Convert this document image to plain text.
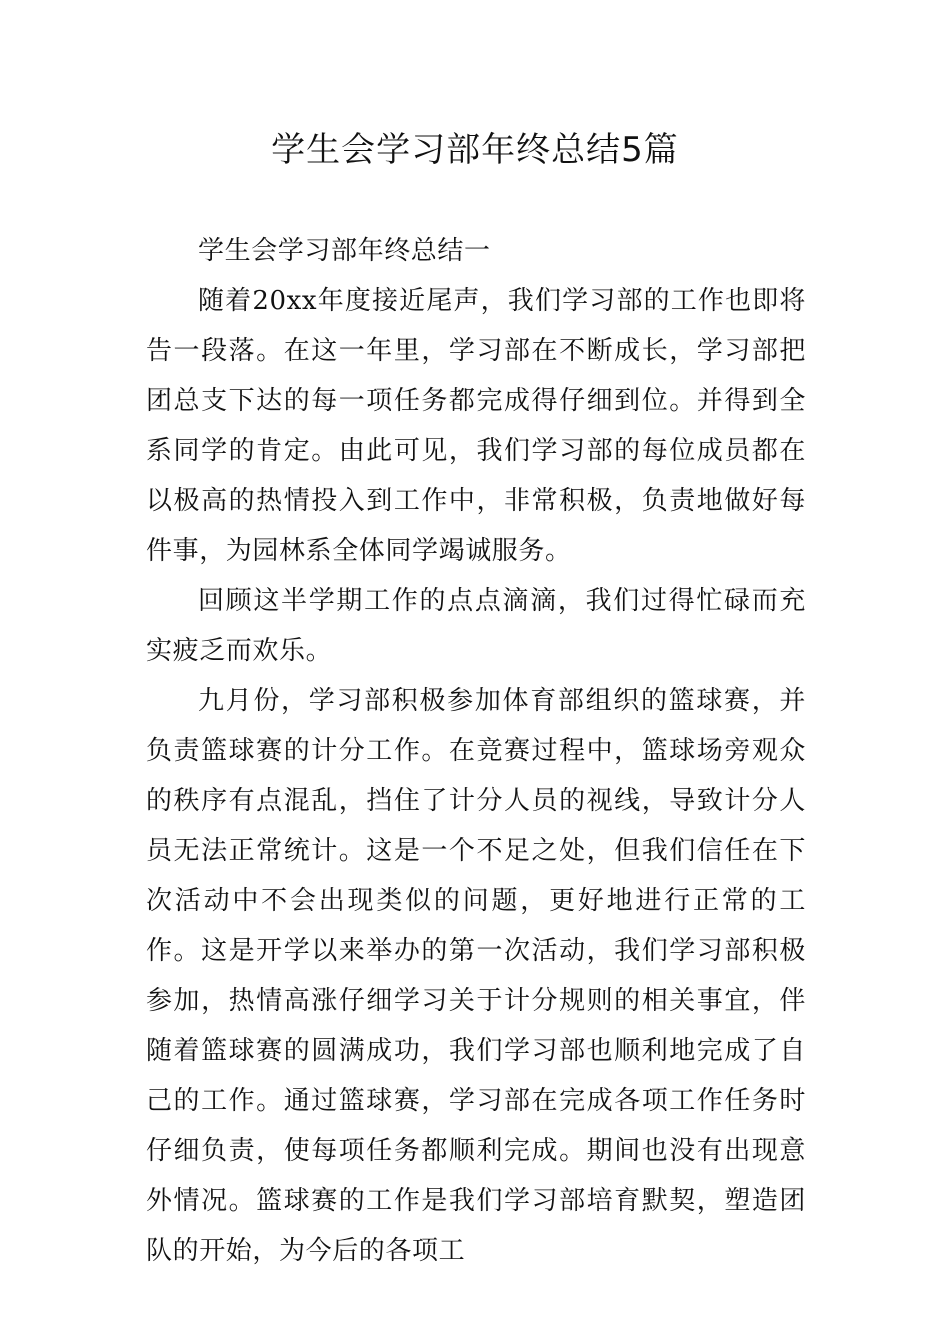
学生会学习部年终总结5篇

学生会学习部年终总结一

随着20xx年度接近尾声，我们学习部的工作也即将告一段落。在这一年里，学习部在不断成长，学习部把团总支下达的每一项任务都完成得仔细到位。并得到全系同学的肯定。由此可见，我们学习部的每位成员都在以极高的热情投入到工作中，非常积极，负责地做好每件事，为园林系全体同学竭诚服务。

回顾这半学期工作的点点滴滴，我们过得忙碌而充实疲乏而欢乐。

九月份，学习部积极参加体育部组织的篮球赛，并负责篮球赛的计分工作。在竞赛过程中，篮球场旁观众的秩序有点混乱，挡住了计分人员的视线，导致计分人员无法正常统计。这是一个不足之处，但我们信任在下次活动中不会出现类似的问题，更好地进行正常的工作。这是开学以来举办的第一次活动，我们学习部积极参加，热情高涨仔细学习关于计分规则的相关事宜，伴随着篮球赛的圆满成功，我们学习部也顺利地完成了自己的工作。通过篮球赛，学习部在完成各项工作任务时仔细负责，使每项任务都顺利完成。期间也没有出现意外情况。篮球赛的工作是我们学习部培育默契，塑造团队的开始，为今后的各项工
